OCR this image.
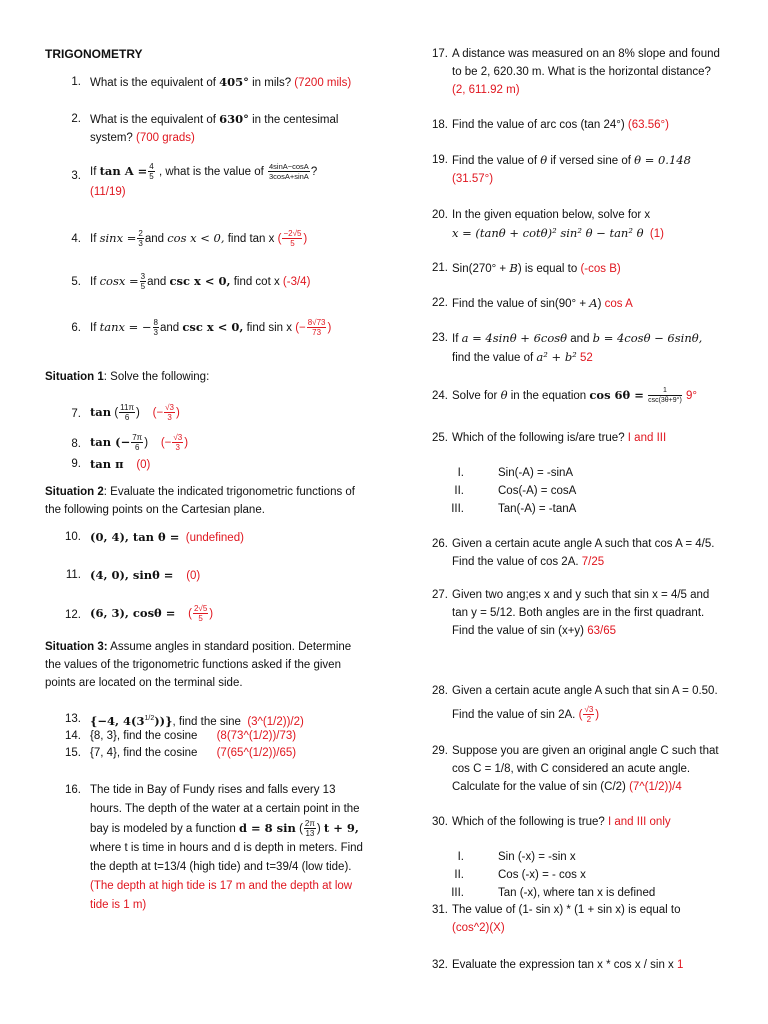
TRIGONOMETRY
1. What is the equivalent of 405° in mils? (7200 mils)
2. What is the equivalent of 630° in the centesimal
system? (700 grads)
3. If $\tan A = \frac{4}{5}$ , what is the value of $\frac{4\sin A-\cos A}{3\cos A+\sin A}$ ?
(11/19)
4. If $\sin x = \frac{2}{3}$ and cos x < 0, find tan x ( $\frac{-2√5}{5}$ )
5. If $\cos x = \frac{3}{5}$ and csc x < 0, find cot x (-3/4)
6. If tanx = − $\frac{8}{3}$ and csc x < 0, find sin x (− $\frac{8√73}{73}$ )
Situation 1: Solve the following:
7. tan ( $\frac{11\pi}{6}$ )    (− $\frac{√3}{3}$ )
8. tan (− $\frac{7\pi}{6}$ ) (− $\frac{√3}{3}$ )
9. tan π (0)
Situation 2: Evaluate the indicated trigonometric functions of the following points on the Cartesian plane.
10. (0, 4), tan θ = (undefined)
11. (4, 0), sinθ = (0)
12. (6, 3), cosθ = ( $\frac{2√5}{5}$ )
Situation 3: Assume angles in standard position. Determine the values of the trigonometric functions asked if the given points are located on the terminal side.
13. {−4, $4(3^{1/2})$)}, find the sine (3^(1/2))/2)
14. {8, 3}, find the cosine (8(73^(1/2))/73)
15. {7, 4}, find the cosine (7(65^(1/2))/65)
16. The tide in Bay of Fundy rises and falls every 13
hours. The depth of the water at a certain point in the
bay is modeled by a function d = 8 sin ( $\frac{2\pi}{13}$ ) t + 9,
where t is time in hours and d is depth in meters. Find
the depth at t=13/4 (high tide) and t=39/4 (low tide).
(The depth at high tide is 17 m and the depth at low
tide is 1 m)
17. A distance was measured on an 8% slope and found
to be 2, 620.30 m. What is the horizontal distance?
(2, 611.92 m)
18. Find the value of arc cos (tan 24°) (63.56°)
19. Find the value of θ if versed sine of θ = 0.148
(31.57°)
20. In the given equation below, solve for x
x = (tanθ + cotθ)² sin² θ − tan² θ (1)
21. Sin(270° + B) is equal to (-cos B)
22. Find the value of sin(90° + A) cos A
23. If a = 4sinθ + 6cosθ and b = 4cosθ − 6sinθ,
find the value of a² + b² 52
24. Solve for θ in the equation $\cos 6\theta = \frac{1}{\csc(3\theta+9^\circ)} 9^\circ$
25. Which of the following is/are true? I and III
I.	Sin(-A) = -sinA
II.	Cos(-A) = cosA
III.	Tan(-A) = -tanA
26. Given a certain acute angle A such that cos A = 4/5.
Find the value of cos 2A. 7/25
27. Given two ang;es x and y such that sin x = 4/5 and
tan y = 5/12. Both angles are in the first quadrant.
Find the value of sin (x+y) 63/65
28. Given a certain acute angle A such that sin A = 0.50.
Find the value of sin 2A. ( $\frac{√3}{2}$ )
29. Suppose you are given an original angle C such that
cos C = 1/8, with C considered an acute angle.
Calculate for the value of sin (C/2) (7^(1/2))/4
30. Which of the following is true? I and III only
I.	Sin (-x) = -sin x
II.	Cos (-x) = - cos x
III.	Tan (-x), where tan x is defined
31. The value of (1- sin x) * (1 + sin x) is equal to
(cos^2)(X)
32. Evaluate the expression tan x * cos x / sin x 1
